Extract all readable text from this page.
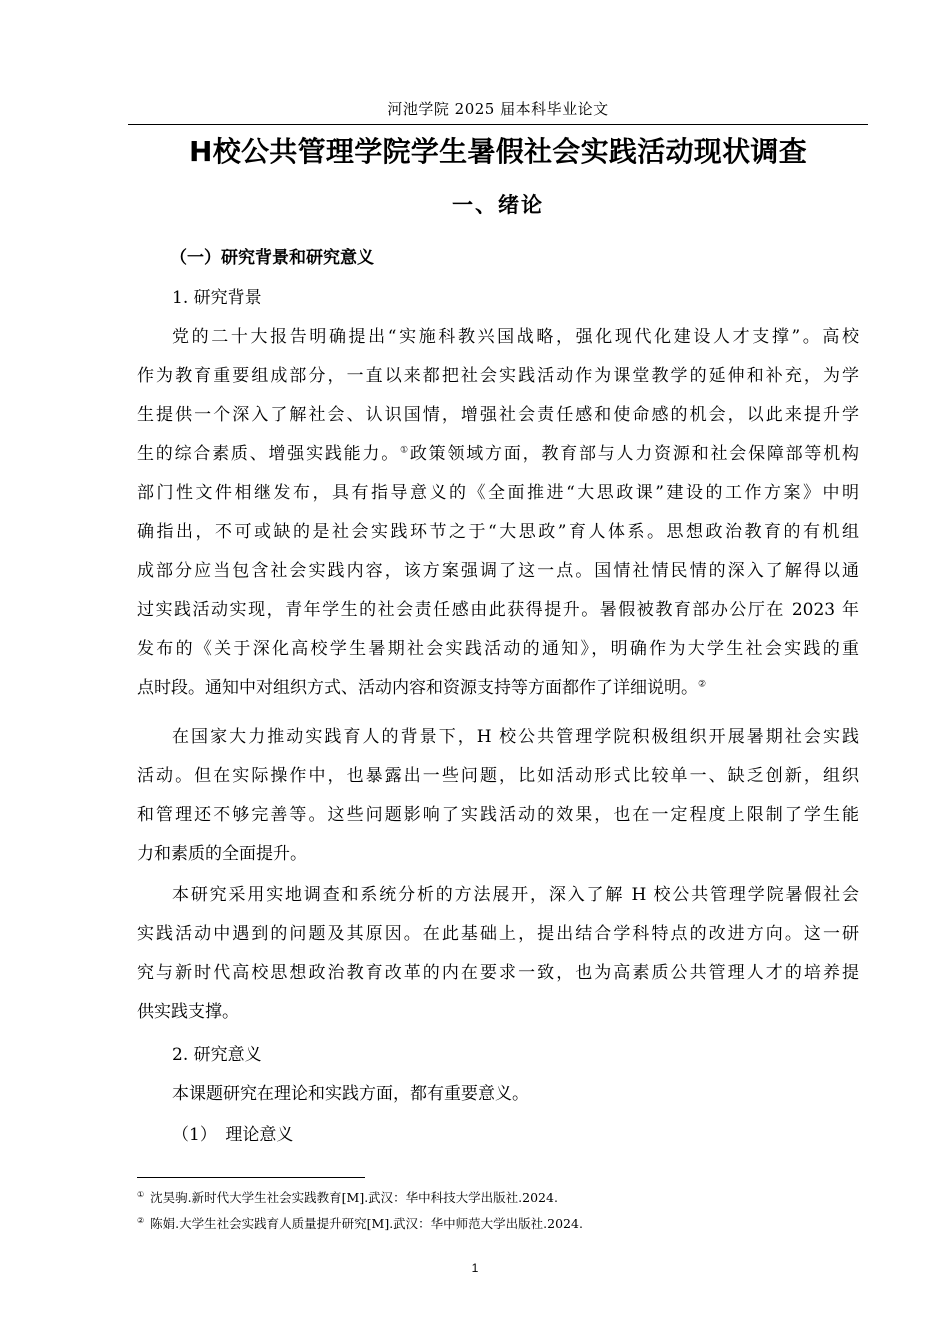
河池学院 2025 届本科毕业论文
H校公共管理学院学生暑假社会实践活动现状调查
一、绪论
（一）研究背景和研究意义
1. 研究背景
党的二十大报告明确提出“实施科教兴国战略，强化现代化建设人才支撑”。高校
作为教育重要组成部分，一直以来都把社会实践活动作为课堂教学的延伸和补充，为学
生提供一个深入了解社会、认识国情，增强社会责任感和使命感的机会，以此来提升学
生的综合素质、增强实践能力。①政策领域方面，教育部与人力资源和社会保障部等机构
部门性文件相继发布，具有指导意义的《全面推进“大思政课”建设的工作方案》中明
确指出，不可或缺的是社会实践环节之于“大思政”育人体系。思想政治教育的有机组
成部分应当包含社会实践内容，该方案强调了这一点。国情社情民情的深入了解得以通
过实践活动实现，青年学生的社会责任感由此获得提升。暑假被教育部办公厅在 2023 年
发布的《关于深化高校学生暑期社会实践活动的通知》，明确作为大学生社会实践的重
点时段。通知中对组织方式、活动内容和资源支持等方面都作了详细说明。②
在国家大力推动实践育人的背景下，H 校公共管理学院积极组织开展暑期社会实践
活动。但在实际操作中，也暴露出一些问题，比如活动形式比较单一、缺乏创新，组织
和管理还不够完善等。这些问题影响了实践活动的效果，也在一定程度上限制了学生能
力和素质的全面提升。
本研究采用实地调查和系统分析的方法展开，深入了解 H 校公共管理学院暑假社会
实践活动中遇到的问题及其原因。在此基础上，提出结合学科特点的改进方向。这一研
究与新时代高校思想政治教育改革的内在要求一致，也为高素质公共管理人才的培养提
供实践支撑。
2. 研究意义
本课题研究在理论和实践方面，都有重要意义。
（1）　理论意义
① 沈昊驹.新时代大学生社会实践教育[M].武汉：华中科技大学出版社.2024.
② 陈娟.大学生社会实践育人质量提升研究[M].武汉：华中师范大学出版社.2024.
1
